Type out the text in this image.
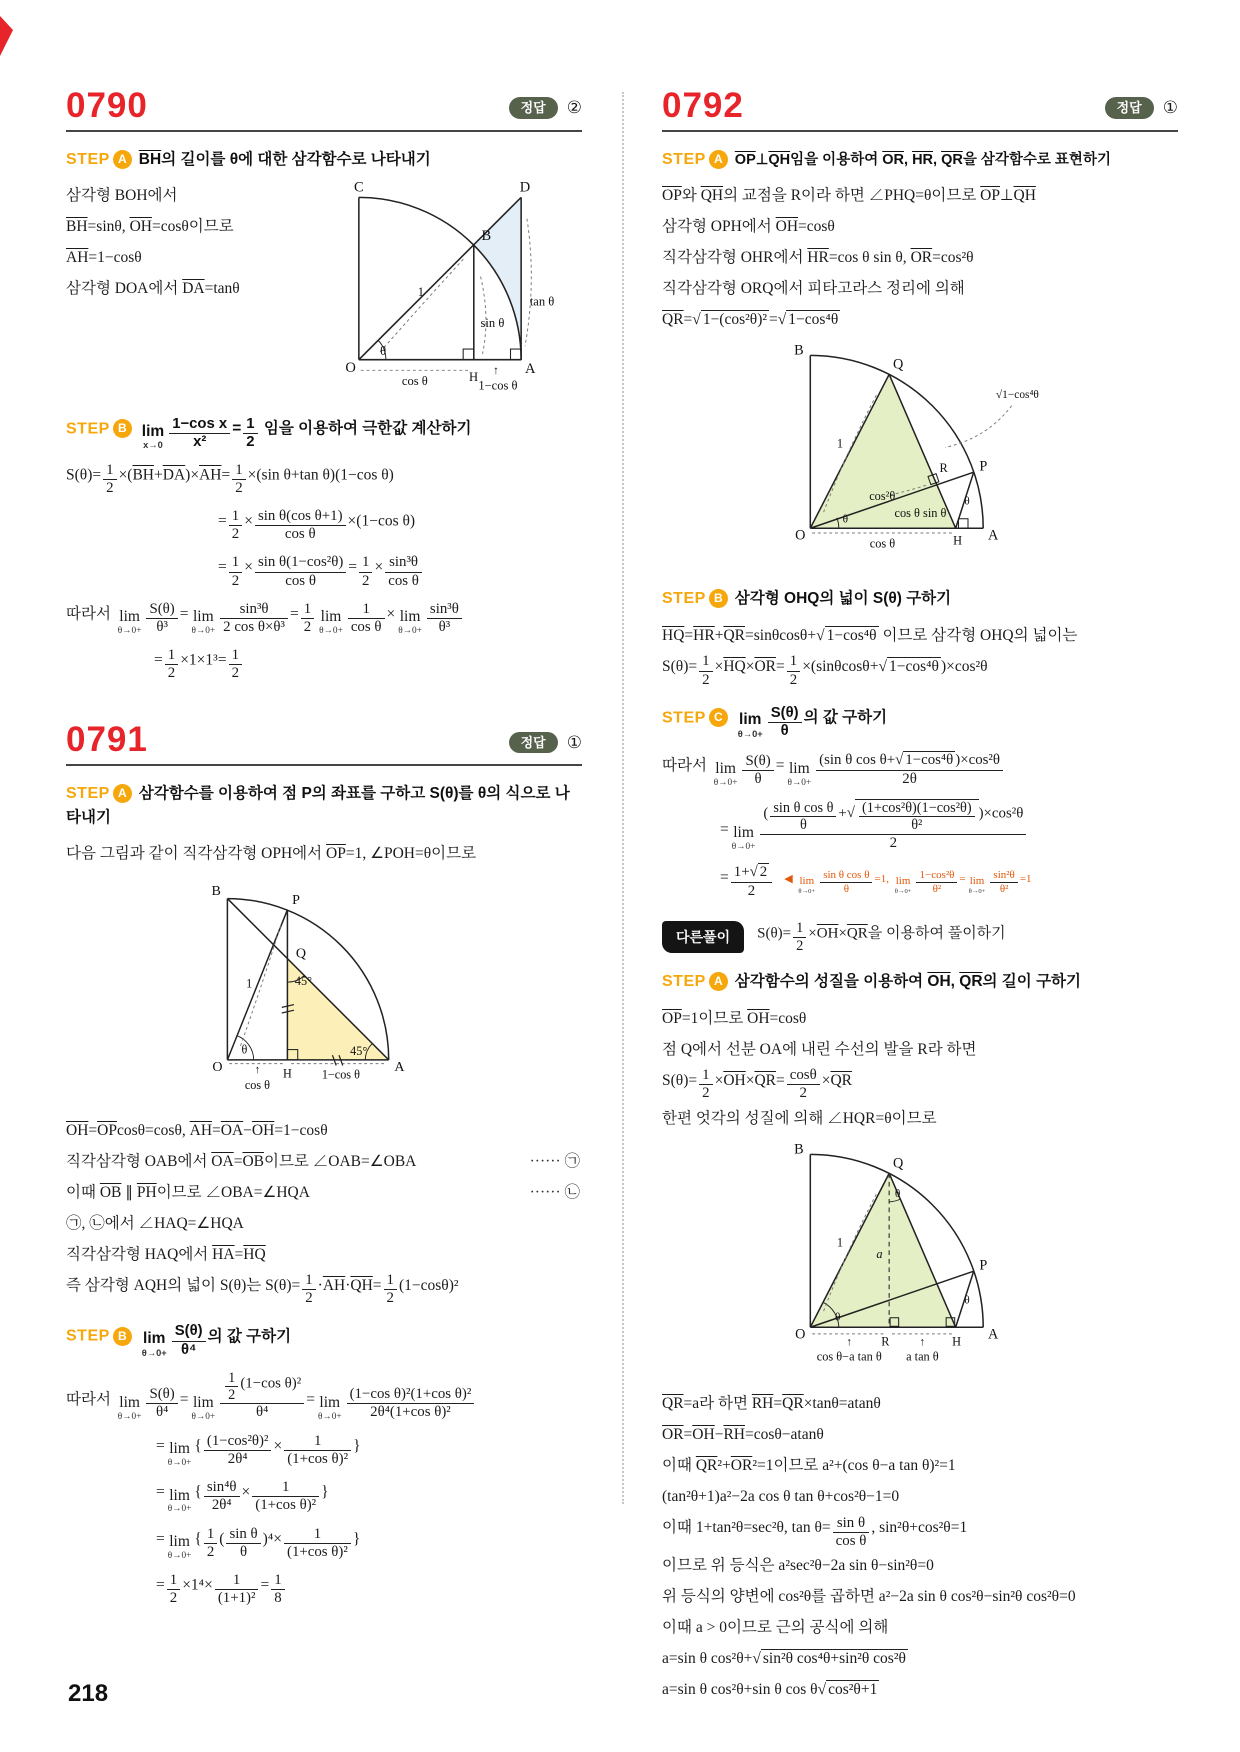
0790	정답	②
STEP A $\overline{BH}$의 길이를 θ에 대한 삼각함수로 나타내기
삼각형 BOH에서
$\overline{BH}=\sin\theta$, $\overline{OH}=\cos\theta$이므로
$\overline{AH}=1-\cos\theta$
삼각형 DOA에서 $\overline{DA}=\tan\theta$
C	D
B
O
H	A
1
θ
sin θ
tan θ
cos θ
↑
1−cos θ
STEP B lim
$x\to 0 \frac{\text{1−cos x}}{\text{x²}} = \frac{1}{2}$ 임을 이용하여 극한값 계산하기
$S(\theta)= \frac{1}{2} \times(\overline{BH}+\overline{DA})\times\overline{AH}= \frac{1}{2} \times(\sin$ θ+tan θ)(1−cos θ)
= $\frac{1}{2} \times \frac{\text{sin θ(cos θ+1)}}{\text{cos θ}} \times(1-\cos$ θ)
= $\frac{1}{2} \times \frac{\text{sin θ(1−cos²θ)}}{\text{cos θ}} = \frac{1}{2} \times \frac{\text{sin³θ}}{\text{cos θ}}$
따라서 lim
$\theta\to 0+ \frac{S(\theta)}{\text{θ³}} = \lim$
$\theta\to 0+ \frac{\text{sin³θ}}{\text{2 cos θ×θ³}} = \frac{1}{2}$ lim
$\theta\to 0+ \frac{1}{\text{cos θ}} \times \lim$
$\theta\to 0+ \frac{\text{sin³θ}}{\text{θ³}}$
= $\frac{1}{2} \times 1\times 1^3= \frac{1}{2}$
0791	정답	①
STEP A 삼각함수를 이용하여 점 P의 좌표를 구하고 S(θ)를 θ의 식으로 나타내기
다음 그림과 같이 직각삼각형 OPH에서 $\overline{OP}=1$, ∠POH=θ이므로
B
P
Q
O	H	A
1
θ
45°
45°
↑
cos θ
1−cos θ
$\overline{OH}=\overline{OP}\cos\theta=\cos\theta$, $\overline{AH}=\overline{OA}-\overline{OH}=1-\cos\theta$
직각삼각형 OAB에서 $\overline{OA}=\overline{OB}$이므로 ∠OAB=∠OBA	······ ㉠
이때 $\overline{OB}$ ∥ $\overline{PH}$이므로 ∠OBA=∠HQA	······ ㉡
㉠, ㉡에서 ∠HAQ=∠HQA
직각삼각형 HAQ에서 $\overline{HA}=\overline{HQ}$
즉 삼각형 AQH의 넓이 S(θ)는 $S(\theta)= \frac{1}{2} \cdot\overline{AH}\cdot\overline{QH}= \frac{1}{2} (1-\cos\theta)^2$
STEP B lim
$\theta\to 0+ \frac{S(\theta)}{\text{θ⁴}}$ 의 값 구하기
따라서 lim
$\theta\to 0+ \frac{S(\theta)}{\text{θ⁴}} = \lim$
$\theta\to 0+ \frac{\frac{1}{2} (1-\cos \theta)^2}{\text{θ⁴}} = \lim$
$\theta\to 0+ \frac{\text{(1−cos θ)²(1+cos θ)²}}{\text{2θ⁴(1+cos θ)²}}$
= lim
θ→0+
{ $\frac{\text{(1−cos²θ)²}}{\text{2θ⁴}} \times \frac{1}{\text{(1+cos θ)²}}$ }
= lim
θ→0+
{ $\frac{\text{sin⁴θ}}{\text{2θ⁴}} \times \frac{1}{\text{(1+cos θ)²}}$ }
= lim
θ→0+
{ $\frac{1}{2}$ ( $\frac{\text{sin θ}}{\theta} )^4\times \frac{1}{\text{(1+cos θ)²}}$ }
= $\frac{1}{2} \times 1^4\times \frac{1}{\text{(1+1)²}} = \frac{1}{8}$
0792	정답	①
STEP A $\overline{OP}\perp\overline{QH}$임을 이용하여 $\overline{OR}$, $\overline{HR}$, $\overline{QR}$을 삼각함수로 표현하기
$\overline{OP}$와 $\overline{QH}$의 교점을 R이라 하면 ∠PHQ=θ이므로 $\overline{OP}\perp\overline{QH}$
삼각형 OPH에서 $\overline{OH}=\cos\theta$
직각삼각형 OHR에서 $\overline{HR}=\cos$ θ sin θ, $\overline{OR}=\cos^2\theta$
직각삼각형 ORQ에서 피타고라스 정리에 의해
$\overline{QR}=√$ 1−(cos²θ)² =√ 1−cos⁴θ
B
Q
R P
O	H A
1
θ
θ
cos²θ
cos θ sin θ
√1−cos⁴θ
cos θ
STEP B 삼각형 OHQ의 넓이 S(θ) 구하기
$\overline{HQ}=\overline{HR}+\overline{QR}=\sin\theta\cos\theta+√$ 1−cos⁴θ 이므로 삼각형 OHQ의 넓이는
$S(\theta)= \frac{1}{2} \times\overline{HQ}\times\overline{OR}= \frac{1}{2} \times(\sin\theta\cos\theta+√$ 1−cos⁴θ )×cos²θ
STEP C lim
$\theta\to 0+ \frac{S(\theta)}{\theta}$ 의 값 구하기
따라서 lim
$\theta\to 0+ \frac{S(\theta)}{\theta} = \lim$
$\theta\to 0+ \frac{\text{(sin θ cos θ+√ 1−cos⁴θ )×cos²θ}}{2\theta}$
= lim
$\theta\to 0+ \frac{( \frac{\text{sin θ cos θ}}{\theta} +√ \frac{\text{(1+cos²θ)(1−cos²θ)}}{\text{θ²}} )\times\cos^2\theta}{2}$
= $\frac{1+√ 2}{2}$ ◀ lim
$\theta\to 0+ \frac{\text{sin θ cos θ}}{\theta} =1$, lim
$\theta\to 0+ \frac{\text{1−cos²θ}}{\text{θ²}} = \lim$
$\theta\to 0+ \frac{\text{sin²θ}}{\text{θ²}} =1$
다른풀이	$S(\theta)= \frac{1}{2} \times\overline{OH}\times\overline{QR}$을 이용하여 풀이하기
STEP A 삼각함수의 성질을 이용하여 $\overline{OH}$, $\overline{QR}$의 길이 구하기
$\overline{OP}=1$이므로 $\overline{OH}=\cos\theta$
점 Q에서 선분 OA에 내린 수선의 발을 R라 하면
$S(\theta)= \frac{1}{2} \times\overline{OH}\times\overline{QR}= \frac{\cos\theta}{2} \times\overline{QR}$
한편 엇각의 성질에 의해 ∠HQR=θ이므로
B
Q
P
O	R	H A
1
a
θ
θ
θ
↑	↑
cos θ−a tan θ a tan θ
$\overline{QR}=a$라 하면 $\overline{RH}=\overline{QR}\times\tan\theta=atan\theta$
$\overline{OR}=\overline{OH}-\overline{RH}=\cos\theta-atan\theta$
이때 $\overline{QR}^2+\overline{OR}^2=1$이므로 a²+(cos θ−a tan θ)²=1
(tan²θ+1)a²−2a cos θ tan θ+cos²θ−1=0
이때 1+tan²θ=sec²θ, $\tan \theta= \frac{\text{sin θ}}{\text{cos θ}}$ , sin²θ+cos²θ=1
이므로 위 등식은 a²sec²θ−2a sin θ−sin²θ=0
위 등식의 양변에 cos²θ를 곱하면 a²−2a sin θ cos²θ−sin²θ cos²θ=0
이때 a > 0이므로 근의 공식에 의해
a=sin θ cos²θ+√ sin²θ cos⁴θ+sin²θ cos²θ
a=sin θ cos²θ+sin θ cos θ√ cos²θ+1
218
